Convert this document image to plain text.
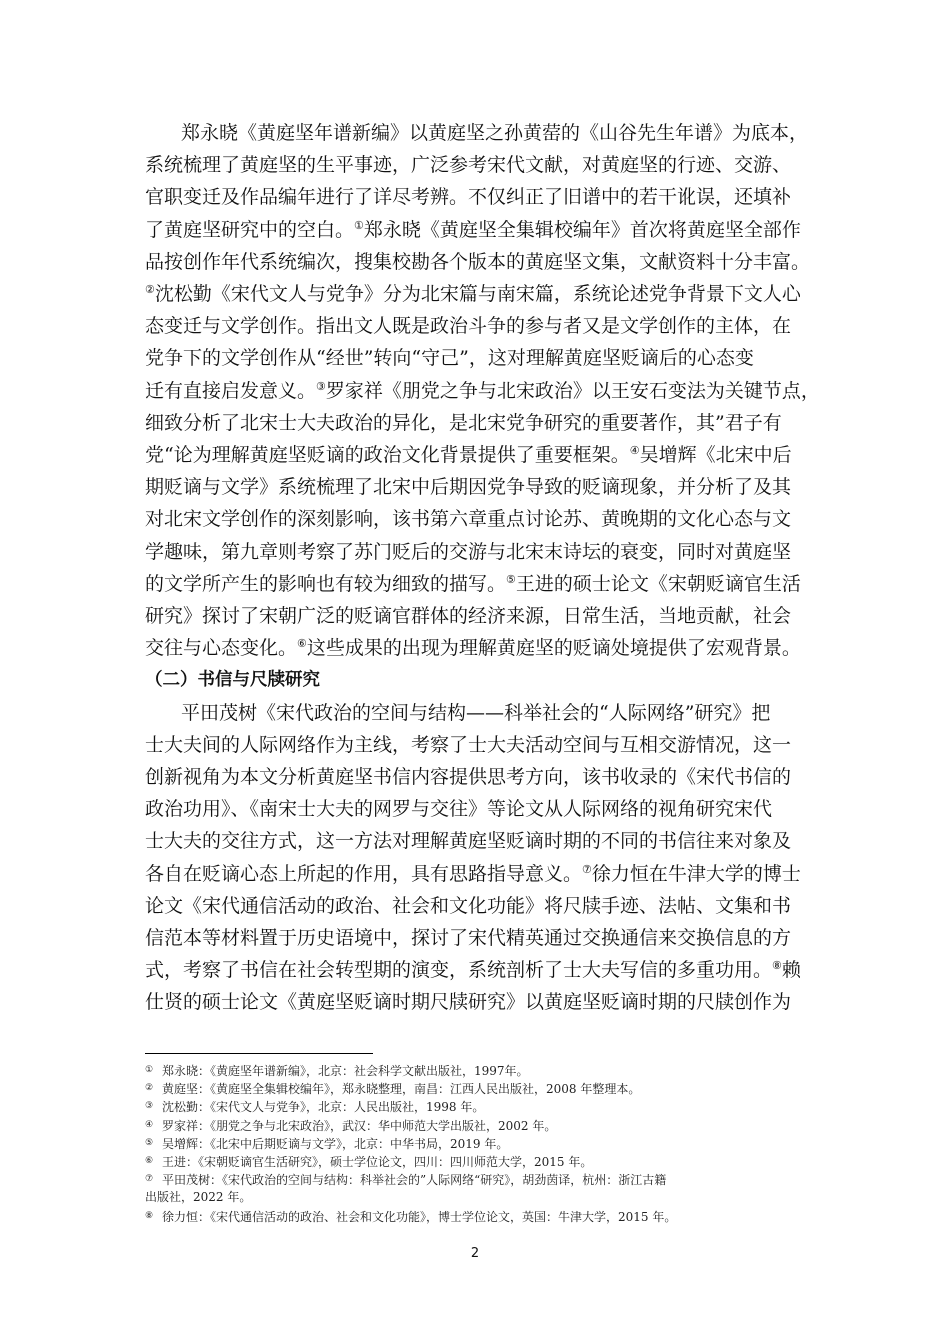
郑永晓《黄庭坚年谱新编》以黄庭坚之孙黄䓨的《山谷先生年谱》为底本，
系统梳理了黄庭坚的生平事迹，广泛参考宋代文献，对黄庭坚的行迹、交游、
官职变迁及作品编年进行了详尽考辨。不仅纠正了旧谱中的若干讹误，还填补
了黄庭坚研究中的空白。①郑永晓《黄庭坚全集辑校编年》首次将黄庭坚全部作
品按创作年代系统编次，搜集校勘各个版本的黄庭坚文集，文献资料十分丰富。
②沈松勤《宋代文人与党争》分为北宋篇与南宋篇，系统论述党争背景下文人心
态变迁与文学创作。指出文人既是政治斗争的参与者又是文学创作的主体，在
党争下的文学创作从“经世”转向“守己”，这对理解黄庭坚贬谪后的心态变
迁有直接启发意义。③罗家祥《朋党之争与北宋政治》以王安石变法为关键节点，
细致分析了北宋士大夫政治的异化，是北宋党争研究的重要著作，其”君子有
党“论为理解黄庭坚贬谪的政治文化背景提供了重要框架。④吴增辉《北宋中后
期贬谪与文学》系统梳理了北宋中后期因党争导致的贬谪现象，并分析了及其
对北宋文学创作的深刻影响，该书第六章重点讨论苏、黄晚期的文化心态与文
学趣味，第九章则考察了苏门贬后的交游与北宋末诗坛的衰变，同时对黄庭坚
的文学所产生的影响也有较为细致的描写。⑤王进的硕士论文《宋朝贬谪官生活
研究》探讨了宋朝广泛的贬谪官群体的经济来源，日常生活，当地贡献，社会
交往与心态变化。⑥这些成果的出现为理解黄庭坚的贬谪处境提供了宏观背景。
（二）书信与尺牍研究
平田茂树《宋代政治的空间与结构——科举社会的“人际网络”研究》把
士大夫间的人际网络作为主线，考察了士大夫活动空间与互相交游情况，这一
创新视角为本文分析黄庭坚书信内容提供思考方向，该书收录的《宋代书信的
政治功用》、《南宋士大夫的网罗与交往》等论文从人际网络的视角研究宋代
士大夫的交往方式，这一方法对理解黄庭坚贬谪时期的不同的书信往来对象及
各自在贬谪心态上所起的作用，具有思路指导意义。⑦徐力恒在牛津大学的博士
论文《宋代通信活动的政治、社会和文化功能》将尺牍手迹、法帖、文集和书
信范本等材料置于历史语境中，探讨了宋代精英通过交换通信来交换信息的方
式，考察了书信在社会转型期的演变，系统剖析了士大夫写信的多重功用。⑧赖
仕贤的硕士论文《黄庭坚贬谪时期尺牍研究》以黄庭坚贬谪时期的尺牍创作为
① 郑永晓：《黄庭坚年谱新编》，北京：社会科学文献出版社，1997年。
② 黄庭坚：《黄庭坚全集辑校编年》，郑永晓整理，南昌：江西人民出版社，2008 年整理本。
③ 沈松勤：《宋代文人与党争》，北京：人民出版社，1998 年。
④ 罗家祥：《朋党之争与北宋政治》，武汉：华中师范大学出版社，2002 年。
⑤ 吴增辉：《北宋中后期贬谪与文学》，北京：中华书局，2019 年。
⑥ 王进：《宋朝贬谪官生活研究》，硕士学位论文，四川：四川师范大学，2015 年。
⑦ 平田茂树：《宋代政治的空间与结构：科举社会的”人际网络“研究》，胡劲茵译，杭州：浙江古籍
出版社，2022 年。
⑧ 徐力恒：《宋代通信活动的政治、社会和文化功能》，博士学位论文，英国：牛津大学，2015 年。
2
